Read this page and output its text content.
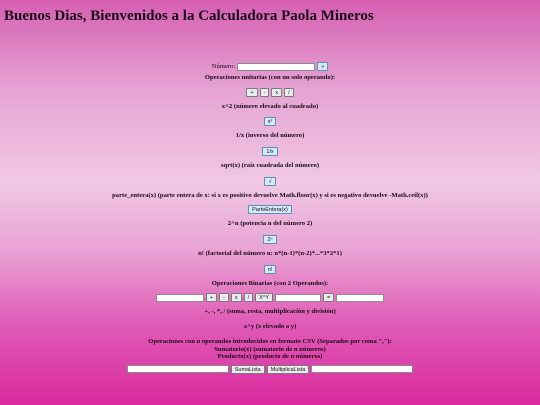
Buenos Dias, Bienvenidos a la Calculadora Paola Mineros
Número:	»

Operaciones unitarias (con un solo operando):

+	-	x	/

x^2 (número elevado al cuadrado)

x²

1/x (inverso del número)

1/x

sqrt(x) (raiz cuadrada del número)

√

parte_entera(x) (parte entera de x: si x es positivo devuelve Math.floor(x) y si es negativo devuelve -Math.ceil(x))

ParteEntera(x)

2^n (potencia n del número 2)

2ⁿ

n! (factorial del número n: n*(n-1)*(n-2)*...*3*2*1)

n!

Operaciones Binarias (con 2 Operandos):

+	-	x	/	X^Y	=

+, -, *, / (suma, resta, multiplicación y división)

x^y (x elevado a y)

Operaciones con n operandos introducidos en formato CSV (Separados por coma ","):

Sumatorio(x) (sumatorio de n números)

Producto(x) (producto de n números)

SumaLista	MultiplicaLista
